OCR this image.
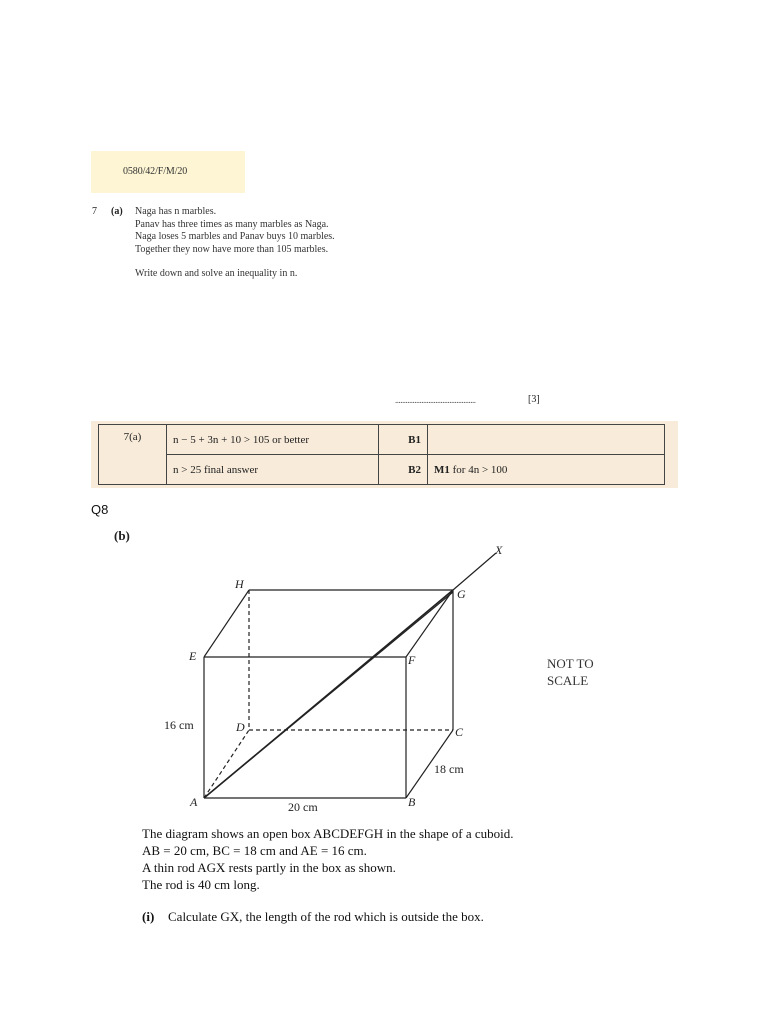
0580/42/F/M/20
7 (a) Naga has n marbles.
Panav has three times as many marbles as Naga.
Naga loses 5 marbles and Panav buys 10 marbles.
Together they now have more than 105 marbles.
Write down and solve an inequality in n.
..............................................	[3]
7(a)	n − 5 + 3n + 10 > 105 or better	B1	
	n > 25 final answer	B2	M1 for 4n > 100
Q8
(b)
A	B
C
D
E	F
G
H
X
16 cm
20 cm
18 cm
NOT TO
SCALE
The diagram shows an open box ABCDEFGH in the shape of a cuboid.
AB = 20 cm, BC = 18 cm and AE = 16 cm.
A thin rod AGX rests partly in the box as shown.
The rod is 40 cm long.
(i) Calculate GX, the length of the rod which is outside the box.
